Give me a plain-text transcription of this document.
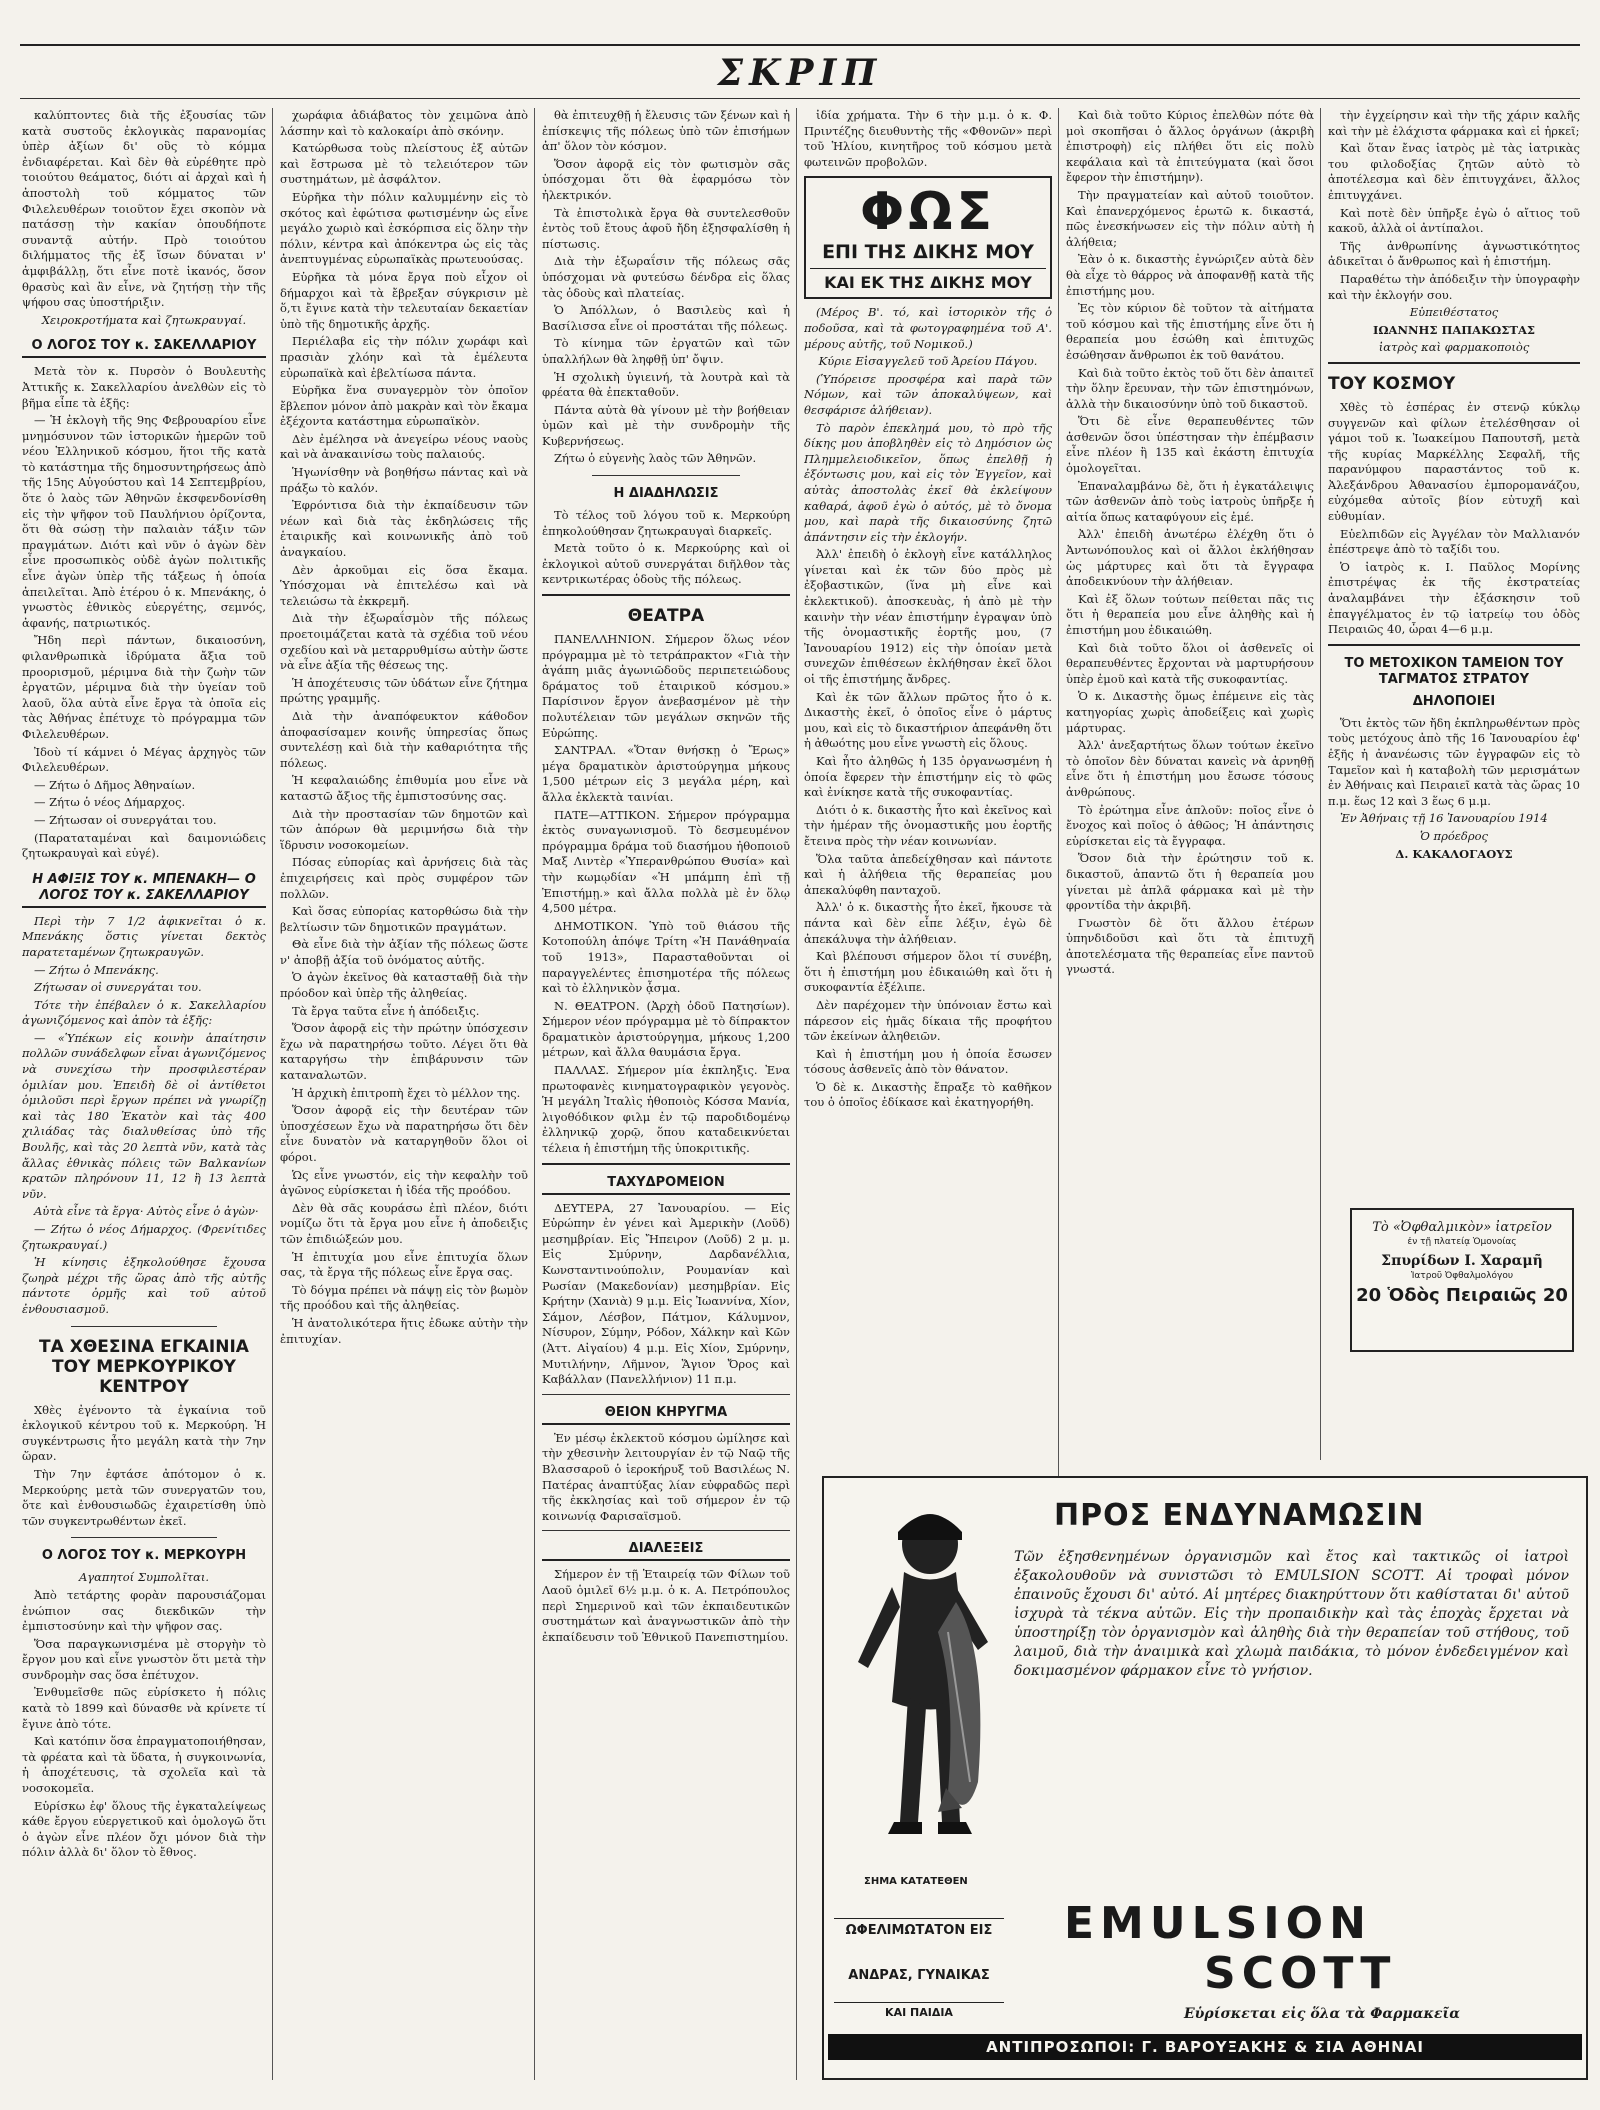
ΣΚΡΙΠ

καλύπτοντες διὰ τῆς ἐξουσίας τῶν κατὰ συστοῦς ἐκλογικὰς παρανομίας ὑπὲρ ἀξίων δι' οὓς τὸ κόμμα ἐνδιαφέρεται. Καὶ δὲν θὰ εὑρέθητε πρὸ τοιούτου θεάματος, διότι αἱ ἀρχαὶ καὶ ἡ ἀποστολὴ τοῦ κόμματος τῶν Φιλελευθέρων τοιοῦτον ἔχει σκοπὸν νὰ πατάσσῃ τὴν κακίαν ὁπουδήποτε συναντᾷ αὐτήν. Πρὸ τοιούτου διλήμματος τῆς ἐξ ἴσων δύναται ν' ἀμφιβάλλῃ, ὅτι εἶνε ποτὲ ἱκανός, ὅσον θρασὺς καὶ ἂν εἶνε, νὰ ζητήσῃ τὴν τῆς ψήφου σας ὑποστήριξιν.

Χειροκροτήματα καὶ ζητωκραυγαί.

Ο ΛΟΓΟΣ ΤΟΥ κ. ΣΑΚΕΛΛΑΡΙΟΥ

Μετὰ τὸν κ. Πυρσὸν ὁ Βουλευτὴς Ἀττικῆς κ. Σακελλαρίου ἀνελθὼν εἰς τὸ βῆμα εἶπε τὰ ἑξῆς:

— Ἡ ἐκλογὴ τῆς 9ης Φεβρουαρίου εἶνε μνημόσυνον τῶν ἱστορικῶν ἡμερῶν τοῦ νέου Ἑλληνικοῦ κόσμου, ἥτοι τῆς κατὰ τὸ κατάστημα τῆς δημοσυντηρήσεως ἀπὸ τῆς 15ης Αὐγούστου καὶ 14 Σεπτεμβρίου, ὅτε ὁ λαὸς τῶν Ἀθηνῶν ἐκσφενδονίσθη εἰς τὴν ψῆφον τοῦ Παυλήνιου ὁρίζοντα, ὅτι θὰ σώσῃ τὴν παλαιὰν τάξιν τῶν πραγμάτων. Διότι καὶ νῦν ὁ ἀγὼν δὲν εἶνε προσωπικὸς οὐδὲ ἀγὼν πολιτικῆς εἶνε ἀγὼν ὑπὲρ τῆς τάξεως ἡ ὁποία ἀπειλεῖται. Ἀπὸ ἑτέρου ὁ κ. Μπενάκης, ὁ γνωστὸς ἐθνικὸς εὐεργέτης, σεμνός, ἀφανής, πατριωτικός.

Ἤδη περὶ πάντων, δικαιοσύνη, φιλανθρωπικὰ ἰδρύματα ἄξια τοῦ προορισμοῦ, μέριμνα διὰ τὴν ζωὴν τῶν ἐργατῶν, μέριμνα διὰ τὴν ὑγείαν τοῦ λαοῦ, ὅλα αὐτὰ εἶνε ἔργα τὰ ὁποῖα εἰς τὰς Ἀθήνας ἐπέτυχε τὸ πρόγραμμα τῶν Φιλελευθέρων.

Ἰδοὺ τί κάμνει ὁ Μέγας ἀρχηγὸς τῶν Φιλελευθέρων.

— Ζήτω ὁ Δῆμος Ἀθηναίων.

— Ζήτω ὁ νέος Δήμαρχος.

— Ζήτωσαν οἱ συνεργάται του.

(Παραταταμέναι καὶ δαιμονιώδεις ζητωκραυγαὶ καὶ εὐγέ).

Η ΑΦΙΞΙΣ ΤΟΥ κ. ΜΠΕΝΑΚΗ— Ο ΛΟΓΟΣ ΤΟΥ κ. ΣΑΚΕΛΛΑΡΙΟΥ

Περὶ τὴν 7 1/2 ἀφικνεῖται ὁ κ. Μπενάκης ὅστις γίνεται δεκτὸς παρατεταμένων ζητωκραυγῶν.

— Ζήτω ὁ Μπενάκης.

Ζήτωσαν οἱ συνεργάται του.

Τότε τὴν ἐπέβαλεν ὁ κ. Σακελλαρίου ἀγωνιζόμενος καὶ ἀπὸν τὰ ἑξῆς:

— «Ὑπέκων εἰς κοινὴν ἀπαίτησιν πολλῶν συνάδελφων εἶναι ἀγωνιζόμενος νὰ συνεχίσω τὴν προσφιλεστέραν ὁμιλίαν μου. Ἐπειδὴ δὲ οἱ ἀντίθετοι ὁμιλοῦσι περὶ ἔργων πρέπει νὰ γνωρίζῃ καὶ τὰς 180 Ἐκατὸν καὶ τὰς 400 χιλιάδας τὰς διαλυθείσας ὑπὸ τῆς Βουλῆς, καὶ τὰς 20 λεπτὰ νῦν, κατὰ τὰς ἄλλας ἐθνικὰς πόλεις τῶν Βαλκανίων κρατῶν πληρόνουν 11, 12 ἢ 13 λεπτὰ νῦν.

Αὐτὰ εἶνε τὰ ἔργα· Αὐτὸς εἶνε ὁ ἀγὼν·

— Ζήτω ὁ νέος Δήμαρχος. (Φρενίτιδες ζητωκραυγαί.)

Ἡ κίνησις ἐξηκολούθησε ἔχουσα ζωηρὰ μέχρι τῆς ὥρας ἀπὸ τῆς αὐτῆς πάντοτε ὀρμῆς καὶ τοῦ αὐτοῦ ἐνθουσιασμοῦ.

ΤΑ ΧΘΕΣΙΝΑ ΕΓΚΑΙΝΙΑ ΤΟΥ ΜΕΡΚΟΥΡΙΚΟΥ ΚΕΝΤΡΟΥ

Χθὲς ἐγένοντο τὰ ἐγκαίνια τοῦ ἐκλογικοῦ κέντρου τοῦ κ. Μερκούρη. Ἡ συγκέντρωσις ἦτο μεγάλη κατὰ τὴν 7ην ὥραν.

Τὴν 7ην ἐφτάσε ἀπότομον ὁ κ. Μερκούρης μετὰ τῶν συνεργατῶν του, ὅτε καὶ ἐνθουσιωδῶς ἐχαιρετίσθη ὑπὸ τῶν συγκεντρωθέντων ἐκεῖ.

Ο ΛΟΓΟΣ ΤΟΥ κ. ΜΕΡΚΟΥΡΗ

Αγαπητοί Συμπολῖται.

Ἀπὸ τετάρτης φορὰν παρουσιάζομαι ἐνώπιον σας διεκδικῶν τὴν ἐμπιστοσύνην καὶ τὴν ψῆφον σας.

Ὅσα παραγκωνισμένα μὲ στοργὴν τὸ ἔργον μου καὶ εἶνε γνωστὸν ὅτι μετὰ τὴν συνδρομὴν σας ὅσα ἐπέτυχον.

Ἐνθυμεῖσθε πῶς εὑρίσκετο ἡ πόλις κατὰ τὸ 1899 καὶ δύνασθε νὰ κρίνετε τί ἔγινε ἀπὸ τότε.

Καὶ κατόπιν ὅσα ἐπραγματοποιήθησαν, τὰ φρέατα καὶ τὰ ὕδατα, ἡ συγκοινωνία, ἡ ἀποχέτευσις, τὰ σχολεῖα καὶ τὰ νοσοκομεῖα.

Εὐρίσκω ἐφ' ὅλους τῆς ἐγκαταλείψεως κάθε ἔργου εὐεργετικοῦ καὶ ὁμολογῶ ὅτι ὁ ἀγὼν εἶνε πλέον ὄχι μόνον διὰ τὴν πόλιν ἀλλὰ δι' ὅλον τὸ ἔθνος.

χωράφια ἀδιάβατος τὸν χειμῶνα ἀπὸ λάσπην καὶ τὸ καλοκαίρι ἀπὸ σκόνην.

Κατώρθωσα τοὺς πλείστους ἐξ αὐτῶν καὶ ἔστρωσα μὲ τὸ τελειότερον τῶν συστημάτων, μὲ ἀσφάλτον.

Εὑρῆκα τὴν πόλιν καλυμμένην εἰς τὸ σκότος καὶ ἐφώτισα φωτισμένην ὡς εἶνε μεγάλο χωριὸ καὶ ἐσκόρπισα εἰς ὅλην τὴν πόλιν, κέντρα καὶ ἀπόκεντρα ὡς εἰς τὰς ἀνεπτυγμένας εὐρωπαϊκὰς πρωτευούσας.

Εὑρῆκα τὰ μόνα ἔργα ποὺ εἶχον οἱ δήμαρχοι καὶ τὰ ἔβρεξαν σύγκρισιν μὲ ὅ,τι ἔγινε κατὰ τὴν τελευταίαν δεκαετίαν ὑπὸ τῆς δημοτικῆς ἀρχῆς.

Περιέλαβα εἰς τὴν πόλιν χωράφι καὶ πρασιὰν χλόην καὶ τὰ ἐμέλευτα εὐρωπαϊκὰ καὶ ἐβελτίωσα πάντα.

Εὑρῆκα ἕνα συναγερμὸν τὸν ὁποῖον ἔβλεπον μόνον ἀπὸ μακρὰν καὶ τὸν ἔκαμα ἐξέχοντα κατάστημα εὐρωπαϊκὸν.

Δὲν ἐμέλησα νὰ ἀνεγείρω νέους ναοὺς καὶ νὰ ἀνακαινίσω τοὺς παλαιούς.

Ἡγωνίσθην νὰ βοηθήσω πάντας καὶ νὰ πράξω τὸ καλόν.

Ἐφρόντισα διὰ τὴν ἐκπαίδευσιν τῶν νέων καὶ διὰ τὰς ἐκδηλώσεις τῆς ἑταιρικῆς καὶ κοινωνικῆς ἀπὸ τοῦ ἀναγκαίου.

Δὲν ἀρκοῦμαι εἰς ὅσα ἔκαμα. Ὑπόσχομαι νὰ ἐπιτελέσω καὶ νὰ τελειώσω τὰ ἐκκρεμῆ.

Διὰ τὴν ἐξωραΐσμὸν τῆς πόλεως προετοιμάζεται κατὰ τὰ σχέδια τοῦ νέου σχεδίου καὶ νὰ μεταρρυθμίσω αὐτὴν ὥστε νὰ εἶνε ἀξία τῆς θέσεως της.

Ἡ ἀποχέτευσις τῶν ὑδάτων εἶνε ζήτημα πρώτης γραμμῆς.

Διὰ τὴν ἀναπόφευκτον κάθοδον ἀποφασίσαμεν κοινῆς ὑπηρεσίας ὅπως συντελέσῃ καὶ διὰ τὴν καθαριότητα τῆς πόλεως.

Ἡ κεφαλαιώδης ἐπιθυμία μου εἶνε νὰ καταστῶ ἄξιος τῆς ἐμπιστοσύνης σας.

Διὰ τὴν προστασίαν τῶν δημοτῶν καὶ τῶν ἀπόρων θὰ μεριμνήσω διὰ τὴν ἵδρυσιν νοσοκομείων.

Πόσας εὐπορίας καὶ ἀρνήσεις διὰ τὰς ἐπιχειρήσεις καὶ πρὸς συμφέρον τῶν πολλῶν.

Καὶ ὅσας εὐπορίας κατορθώσω διὰ τὴν βελτίωσιν τῶν δημοτικῶν πραγμάτων.

Θὰ εἶνε διὰ τὴν ἀξίαν τῆς πόλεως ὥστε ν' ἀποβῇ ἀξία τοῦ ὀνόματος αὐτῆς.

Ὁ ἀγὼν ἐκεῖνος θὰ κατασταθῇ διὰ τὴν πρόοδον καὶ ὑπὲρ τῆς ἀληθείας.

Τὰ ἔργα ταῦτα εἶνε ἡ ἀπόδειξις.

Ὅσον ἀφορᾷ εἰς τὴν πρώτην ὑπόσχεσιν ἔχω νὰ παρατηρήσω τοῦτο. Λέγει ὅτι θὰ καταργήσω τὴν ἐπιβάρυνσιν τῶν καταναλωτῶν.

Ἡ ἀρχικὴ ἐπιτροπὴ ἔχει τὸ μέλλον της.

Ὅσον ἀφορᾷ εἰς τὴν δευτέραν τῶν ὑποσχέσεων ἔχω νὰ παρατηρήσω ὅτι δὲν εἶνε δυνατὸν νὰ καταργηθοῦν ὅλοι οἱ φόροι.

Ὡς εἶνε γνωστόν, εἰς τὴν κεφαλὴν τοῦ ἀγῶνος εὑρίσκεται ἡ ἰδέα τῆς προόδου.

Δὲν θὰ σᾶς κουράσω ἐπὶ πλέον, διότι νομίζω ὅτι τὰ ἔργα μου εἶνε ἡ ἀποδειξις τῶν ἐπιδιώξεών μου.

Ἡ ἐπιτυχία μου εἶνε ἐπιτυχία ὅλων σας, τὰ ἔργα τῆς πόλεως εἶνε ἔργα σας.

Τὸ δόγμα πρέπει νὰ πάψῃ εἰς τὸν βωμὸν τῆς προόδου καὶ τῆς ἀληθείας.

Ἡ ἀνατολικότερα ἥτις ἐδωκε αὐτὴν τὴν ἐπιτυχίαν.

θὰ ἐπιτευχθῇ ἡ ἔλευσις τῶν ξένων καὶ ἡ ἐπίσκεψις τῆς πόλεως ὑπὸ τῶν ἐπισήμων ἀπ' ὅλον τὸν κόσμον.

Ὅσον ἀφορᾷ εἰς τὸν φωτισμὸν σᾶς ὑπόσχομαι ὅτι θὰ ἐφαρμόσω τὸν ἠλεκτρικόν.

Τὰ ἐπιστολικὰ ἔργα θὰ συντελεσθοῦν ἐντὸς τοῦ ἔτους ἀφοῦ ἤδη ἐξησφαλίσθη ἡ πίστωσις.

Διὰ τὴν ἐξωραΐσιν τῆς πόλεως σᾶς ὑπόσχομαι νὰ φυτεύσω δένδρα εἰς ὅλας τὰς ὁδοὺς καὶ πλατείας.

Ὁ Ἀπόλλων, ὁ Βασιλεὺς καὶ ἡ Βασίλισσα εἶνε οἱ προστάται τῆς πόλεως.

Τὸ κίνημα τῶν ἐργατῶν καὶ τῶν ὑπαλλήλων θὰ ληφθῇ ὑπ' ὄψιν.

Ἡ σχολικὴ ὑγιεινή, τὰ λουτρὰ καὶ τὰ φρέατα θὰ ἐπεκταθοῦν.

Πάντα αὐτὰ θὰ γίνουν μὲ τὴν βοήθειαν ὑμῶν καὶ μὲ τὴν συνδρομὴν τῆς Κυβερνήσεως.

Ζήτω ὁ εὐγενὴς λαὸς τῶν Ἀθηνῶν.

Η ΔΙΑΔΗΛΩΣΙΣ

Τὸ τέλος τοῦ λόγου τοῦ κ. Μερκούρη ἐπηκολούθησαν ζητωκραυγαὶ διαρκεῖς.

Μετὰ τοῦτο ὁ κ. Μερκούρης καὶ οἱ ἐκλογικοὶ αὐτοῦ συνεργάται διῆλθον τὰς κεντρικωτέρας ὁδοὺς τῆς πόλεως.

ΘΕΑΤΡΑ

ΠΑΝΕΛΛΗΝΙΟΝ. Σήμερον ὅλως νέον πρόγραμμα μὲ τὸ τετράπρακτον «Γιὰ τὴν ἀγάπη μιᾶς ἀγωνιῶδοῦς περιπετειώδους δράματος τοῦ ἐταιρικοῦ κόσμου.» Παρίσινον ἔργον ἀνεβασμένον μὲ τὴν πολυτέλειαν τῶν μεγάλων σκηνῶν τῆς Εὐρώπης.

ΣΑΝΤΡΑΛ. «Ὅταν θνήσκῃ ὁ Ἔρως» μέγα δραματικὸν ἀριστούργημα μήκους 1,500 μέτρων εἰς 3 μεγάλα μέρη, καὶ ἄλλα ἐκλεκτὰ ταινίαι.

ΠΑΤΕ—ΑΤΤΙΚΟΝ. Σήμερον πρόγραμμα ἐκτὸς συναγωνισμοῦ. Τὸ δεσμευμένον πρόγραμμα δράμα τοῦ διασήμου ἠθοποιοῦ Μαξ Λιντὲρ «Ὑπερανθρώπου Θυσία» καὶ τὴν κωμῳδίαν «Ἡ μπάμπη ἐπὶ τῇ Ἐπιστήμῃ.» καὶ ἄλλα πολλὰ μὲ ἐν ὅλῳ 4,500 μέτρα.

ΔΗΜΟΤΙΚΟΝ. Ὑπὸ τοῦ θιάσου τῆς Κοτοπούλη ἀπόψε Τρίτη «Ἡ Πανάθηναία τοῦ 1913», Παρασταθοῦνται οἱ παραγγελέντες ἐπισημοτέρα τῆς πόλεως καὶ τὸ ἐλληνικὸν ᾆσμα.

Ν. ΘΕΑΤΡΟΝ. (Ἀρχὴ ὁδοῦ Πατησίων). Σήμερον νέον πρόγραμμα μὲ τὸ δίπρακτον δραματικὸν ἀριστούργημα, μήκους 1,200 μέτρων, καὶ ἄλλα θαυμάσια ἔργα.

ΠΑΛΛΑΣ. Σήμερον μία ἐκπληξις. Ἐνα πρωτοφανὲς κινηματογραφικὸν γεγονὸς. Ἡ μεγάλη Ἰταλὶς ἠθοποιὸς Κόσσα Μανία, λιγοθόδικον φιλμ ἐν τῷ παροδιδομένῳ ἐλληνικῷ χορῷ, ὅπου καταδεικνύεται τέλεια ἡ ἐπιστήμη τῆς ὑποκριτικῆς.

ΤΑΧΥΔΡΟΜΕΙΟΝ

ΔΕΥΤΕΡΑ, 27 Ἰανουαρίου. — Εἰς Εὐρώπην ἐν γένει καὶ Ἀμερικὴν (Λοῦδ) μεσημβρίαν. Εἰς Ἤπειρον (Λοῦδ) 2 μ. μ. Εἰς Σμύρνην, Δαρδανέλλια, Κωνσταντινούπολιν, Ρουμανίαν καὶ Ρωσίαν (Μακεδονίαν) μεσημβρίαν. Εἰς Κρήτην (Χανιὰ) 9 μ.μ. Εἰς Ἰωαννίνα, Χίον, Σάμον, Λέσβον, Πάτμον, Κάλυμνον, Νίσυρον, Σύμην, Ρόδον, Χάλκην καὶ Κῶν (Ἀττ. Αἰγαίου) 4 μ.μ. Εἰς Χίον, Σμύρνην, Μυτιλήνην, Λῆμνον, Ἅγιον Ὄρος καὶ Καβάλλαν (Πανελλήνιον) 11 π.μ.

ΘΕΙΟΝ ΚΗΡΥΓΜΑ

Ἐν μέσῳ ἐκλεκτοῦ κόσμου ὡμίλησε καὶ τὴν χθεσινὴν λειτουργίαν ἐν τῷ Ναῷ τῆς Βλασσαροῦ ὁ ἱεροκήρυξ τοῦ Βασιλέως Ν. Πατέρας ἀναπτύξας λίαν εὐφραδῶς περὶ τῆς ἐκκλησίας καὶ τοῦ σήμερον ἐν τῷ κοινωνίᾳ Φαρισαϊσμοῦ.

ΔΙΑΛΕΞΕΙΣ

Σήμερον ἐν τῇ Ἑταιρείᾳ τῶν Φίλων τοῦ Λαοῦ ὁμιλεῖ 6½ μ.μ. ὁ κ. Α. Πετρόπουλος περὶ Σημερινοῦ καὶ τῶν ἐκπαιδευτικῶν συστημάτων καὶ ἀναγνωστικῶν ἀπὸ τὴν ἐκπαίδευσιν τοῦ Ἐθνικοῦ Πανεπιστημίου.

ἰδία χρήματα. Τὴν 6 τὴν μ.μ. ὁ κ. Φ. Πριντέζης διευθυντὴς τῆς «Φθονῶν» περὶ τοῦ Ἡλίου, κινητῆρος τοῦ κόσμου μετὰ φωτεινῶν προβολῶν.

ΦΩΣ
ΕΠΙ ΤΗΣ ΔΙΚΗΣ ΜΟΥ
ΚΑΙ ΕΚ ΤΗΣ ΔΙΚΗΣ ΜΟΥ

(Μέρος Β'. τό, καὶ ἱστορικὸν τῆς ὁ ποδοῦσα, καὶ τὰ φωτογραφημένα τοῦ Α'. μέρους αὐτῆς, τοῦ Νομικοῦ.)

Κύριε Εἰσαγγελεῦ τοῦ Ἀρείου Πάγου.

(Ὑπόρεισε προσφέρα καὶ παρὰ τῶν Νόμων, καὶ τῶν ἀποκαλύψεων, καὶ θεσφάρισε ἀλήθειαν).

Τὸ παρὸν ἐπεκλημά μου, τὸ πρὸ τῆς δίκης μου ἀποβληθὲν εἰς τὸ Δημόσιον ὡς Πλημμελειοδικεῖον, ὅπως ἐπελθῇ ἡ ἐξόντωσις μου, καὶ εἰς τὸν Ἐγγεῖον, καὶ αὐτὰς ἀποστολὰς ἐκεῖ θὰ ἐκλείψουν καθαρά, ἀφοῦ ἐγὼ ὁ αὐτός, μὲ τὸ ὄνομα μου, καὶ παρὰ τῆς δικαιοσύνης ζητῶ ἀπάντησιν εἰς τὴν ἐκλογήν.

Ἀλλ' ἐπειδὴ ὁ ἐκλογὴ εἶνε κατάλληλος γίνεται καὶ ἐκ τῶν δύο πρὸς μὲ ἐξοβαστικῶν, (ἵνα μὴ εἶνε καὶ ἐκλεκτικοῦ). ἀποσκευὰς, ἡ ἀπὸ μὲ τὴν καινὴν τὴν νέαν ἐπιστήμην ἐγραψαν ὑπὸ τῆς ὀνομαστικῆς ἑορτῆς μου, (7 Ἰανουαρίου 1912) εἰς τὴν ὁποίαν μετὰ συνεχῶν ἐπιθέσεων ἐκλήθησαν ἐκεῖ ὅλοι οἱ τῆς ἐπιστήμης ἄνδρες.

Καὶ ἐκ τῶν ἄλλων πρῶτος ἦτο ὁ κ. Δικαστὴς ἐκεῖ, ὁ ὁποῖος εἶνε ὁ μάρτυς μου, καὶ εἰς τὸ δικαστήριον ἀπεφάνθη ὅτι ἡ ἀθωότης μου εἶνε γνωστὴ εἰς ὅλους.

Καὶ ἦτο ἀληθῶς ἡ 135 ὀργανωσμένη ἡ ὁποία ἔφερεν τὴν ἐπιστήμην εἰς τὸ φῶς καὶ ἐνίκησε κατὰ τῆς συκοφαντίας.

Διότι ὁ κ. δικαστὴς ἦτο καὶ ἐκεῖνος καὶ τὴν ἡμέραν τῆς ὀνομαστικῆς μου ἑορτῆς ἔτεινα πρὸς τὴν νέαν κοινωνίαν.

Ὅλα ταῦτα ἀπεδείχθησαν καὶ πάντοτε καὶ ἡ ἀλήθεια τῆς θεραπείας μου ἀπεκαλύφθη πανταχοῦ.

Ἀλλ' ὁ κ. δικαστὴς ἦτο ἐκεῖ, ἤκουσε τὰ πάντα καὶ δὲν εἶπε λέξιν, ἐγὼ δὲ ἀπεκάλυψα τὴν ἀλήθειαν.

Καὶ βλέπουσι σήμερον ὅλοι τί συνέβη, ὅτι ἡ ἐπιστήμη μου ἐδικαιώθη καὶ ὅτι ἡ συκοφαντία ἐξέλιπε.

Δὲν παρέχομεν τὴν ὑπόνοιαν ἔστω καὶ πάρεσον εἰς ἡμᾶς δίκαια τῆς προφήτου τῶν ἐκείνων ἀληθειῶν.

Καὶ ἡ ἐπιστήμη μου ἡ ὁποία ἔσωσεν τόσους ἀσθενεῖς ἀπὸ τὸν θάνατον.

Ὁ δὲ κ. Δικαστὴς ἔπραξε τὸ καθῆκον του ὁ ὁποῖος ἐδίκασε καὶ ἐκατηγορήθη.

Καὶ διὰ τοῦτο Κύριος ἐπελθὼν πότε θὰ μοὶ σκοπῆσαι ὁ ἄλλος ὀργάνων (ἀκριβὴ ἐπιστροφὴ) εἰς πλήθει ὅτι εἰς πολὺ κεφάλαια καὶ τὰ ἐπιτεύγματα (καὶ ὅσοι ἔφερον τὴν ἐπιστήμην).

Τὴν πραγματείαν καὶ αὐτοῦ τοιοῦτον. Καὶ ἐπανερχόμενος ἐρωτῶ κ. δικαστά, πῶς ἐνεσκήνωσεν εἰς τὴν πόλιν αὐτὴ ἡ ἀλήθεια;

Ἐὰν ὁ κ. δικαστὴς ἐγνώριζεν αὐτὰ δὲν θὰ εἶχε τὸ θάρρος νὰ ἀποφανθῇ κατὰ τῆς ἐπιστήμης μου.

Ἐς τὸν κύριον δὲ τοῦτον τὰ αἰτήματα τοῦ κόσμου καὶ τῆς ἐπιστήμης εἶνε ὅτι ἡ θεραπεία μου ἐσώθη καὶ ἐπιτυχῶς ἐσώθησαν ἄνθρωποι ἐκ τοῦ θανάτου.

Καὶ διὰ τοῦτο ἐκτὸς τοῦ ὅτι δὲν ἀπαιτεῖ τὴν ὅλην ἔρευναν, τὴν τῶν ἐπιστημόνων, ἀλλὰ τὴν δικαιοσύνην ὑπὸ τοῦ δικαστοῦ.

Ὅτι δὲ εἶνε θεραπευθέντες τῶν ἀσθενῶν ὅσοι ὑπέστησαν τὴν ἐπέμβασιν εἶνε πλέον ἢ 135 καὶ ἐκάστη ἐπιτυχία ὁμολογεῖται.

Ἐπαναλαμβάνω δὲ, ὅτι ἡ ἐγκατάλειψις τῶν ἀσθενῶν ἀπὸ τοὺς ἰατροὺς ὑπῆρξε ἡ αἰτία ὅπως καταφύγουν εἰς ἐμέ.

Ἀλλ' ἐπειδὴ ἀνωτέρω ἐλέχθη ὅτι ὁ Ἀντωνόπουλος καὶ οἱ ἄλλοι ἐκλήθησαν ὡς μάρτυρες καὶ ὅτι τὰ ἔγγραφα ἀποδεικνύουν τὴν ἀλήθειαν.

Καὶ ἐξ ὅλων τούτων πείθεται πᾶς τις ὅτι ἡ θεραπεία μου εἶνε ἀληθὴς καὶ ἡ ἐπιστήμη μου ἐδικαιώθη.

Καὶ διὰ τοῦτο ὅλοι οἱ ἀσθενεῖς οἱ θεραπευθέντες ἔρχονται νὰ μαρτυρήσουν ὑπὲρ ἐμοῦ καὶ κατὰ τῆς συκοφαντίας.

Ὁ κ. Δικαστὴς ὅμως ἐπέμεινε εἰς τὰς κατηγορίας χωρὶς ἀποδείξεις καὶ χωρὶς μάρτυρας.

Ἀλλ' ἀνεξαρτήτως ὅλων τούτων ἐκεῖνο τὸ ὁποῖον δὲν δύναται κανεὶς νὰ ἀρνηθῇ εἶνε ὅτι ἡ ἐπιστήμη μου ἔσωσε τόσους ἀνθρώπους.

Τὸ ἐρώτημα εἶνε ἁπλοῦν: ποῖος εἶνε ὁ ἔνοχος καὶ ποῖος ὁ ἀθῶος; Ἡ ἀπάντησις εὑρίσκεται εἰς τὰ ἔγγραφα.

Ὅσον διὰ τὴν ἐρώτησιν τοῦ κ. δικαστοῦ, ἀπαντῶ ὅτι ἡ θεραπεία μου γίνεται μὲ ἁπλᾶ φάρμακα καὶ μὲ τὴν φροντίδα τὴν ἀκριβῆ.

Γνωστὸν δὲ ὅτι ἄλλου ἐτέρων ὑπηνδιδοῦσι καὶ ὅτι τὰ ἐπιτυχῆ ἀποτελέσματα τῆς θεραπείας εἶνε παντοῦ γνωστά.

τὴν ἐγχείρησιν καὶ τὴν τῆς χάριν καλῆς καὶ τὴν μὲ ἐλάχιστα φάρμακα καὶ εἰ ἠρκεῖ;

Καὶ ὅταν ἔνας ἰατρὸς μὲ τὰς ἰατρικὰς του φιλοδοξίας ζητῶν αὐτὸ τὸ ἀποτέλεσμα καὶ δὲν ἐπιτυγχάνει, ἄλλος ἐπιτυγχάνει.

Καὶ ποτὲ δὲν ὑπῆρξε ἐγὼ ὁ αἴτιος τοῦ κακοῦ, ἀλλὰ οἱ ἀντίπαλοι.

Τῆς ἀνθρωπίνης ἀγνωστικότητος ἀδικεῖται ὁ ἄνθρωπος καὶ ἡ ἐπιστήμη.

Παραθέτω τὴν ἀπόδειξιν τὴν ὑπογραφὴν καὶ τὴν ἐκλογήν σου.

Εὐπειθέστατος

ΙΩΑΝΝΗΣ ΠΑΠΑΚΩΣΤΑΣ

ἰατρὸς καὶ φαρμακοποιὸς

ΤΟΥ ΚΟΣΜΟΥ

Χθὲς τὸ ἑσπέρας ἐν στενῷ κύκλῳ συγγενῶν καὶ φίλων ἐτελέσθησαν οἱ γάμοι τοῦ κ. Ἰωακείμου Παπουτσῆ, μετὰ τῆς κυρίας Μαρκέλλης Σεφαλῆ, τῆς παρανύμφου παραστάντος τοῦ κ. Ἀλεξάνδρου Ἀθανασίου ἐμπορομανάζου, εὐχόμεθα αὐτοῖς βίον εὐτυχῆ καὶ εὐθυμίαν.

Εὐελπιδῶν εἰς Ἀγγέλαν τὸν Μαλλιανόν ἐπέστρεψε ἀπὸ τὸ ταξίδι του.

Ὁ ἰατρὸς κ. Ι. Παῦλος Μορίνης ἐπιστρέψας ἐκ τῆς ἐκστρατείας ἀναλαμβάνει τὴν ἐξάσκησιν τοῦ ἐπαγγέλματος ἐν τῷ ἰατρείῳ του ὁδὸς Πειραιῶς 40, ὧραι 4—6 μ.μ.

ΤΟ ΜΕΤΟΧΙΚΟΝ ΤΑΜΕΙΟΝ ΤΟΥ ΤΑΓΜΑΤΟΣ ΣΤΡΑΤΟΥ
ΔΗΛΟΠΟΙΕΙ

Ὅτι ἐκτὸς τῶν ἤδη ἐκπληρωθέντων πρὸς τοὺς μετόχους ἀπὸ τῆς 16 Ἰανουαρίου ἐφ' ἑξῆς ἡ ἀνανέωσις τῶν ἐγγραφῶν εἰς τὸ Ταμεῖον καὶ ἡ καταβολὴ τῶν μερισμάτων ἐν Ἀθήναις καὶ Πειραιεῖ κατὰ τὰς ὥρας 10 π.μ. ἕως 12 καὶ 3 ἕως 6 μ.μ.

Ἐν Ἀθήναις τῇ 16 Ἰανουαρίου 1914

Ὁ πρόεδρος

Δ. ΚΑΚΑΛΟΓΑΟΥΣ

Τὸ «Ὀφθαλμικὸν» ἰατρεῖον
ἐν τῇ πλατείᾳ Ὁμονοίας
Σπυρίδων Ι. Χαραμῆ
Ἰατροῦ Ὀφθαλμολόγου
20 Ὁδὸς Πειραιῶς 20
ΣΗΜΑ ΚΑΤΑΤΕΘΕΝ
ΩΦΕΛΙΜΩΤΑΤΟΝ ΕΙΣ
ΑΝΔΡΑΣ, ΓΥΝΑΙΚΑΣ
ΚΑΙ ΠΑΙΔΙΑ
ΠΡΟΣ ΕΝΔΥΝΑΜΩΣΙΝ
Τῶν ἐξησθενημένων ὀργανισμῶν καὶ ἔτος καὶ τακτικῶς οἱ ἰατροὶ ἐξακολουθοῦν νὰ συνιστῶσι τὸ EMULSION SCOTT. Αἱ τροφαὶ μόνον ἐπαινοῦς ἔχουσι δι' αὐτό. Αἱ μητέρες διακηρύττουν ὅτι καθίσταται δι' αὐτοῦ ἰσχυρὰ τὰ τέκνα αὐτῶν. Εἰς τὴν προπαιδικὴν καὶ τὰς ἐποχὰς ἔρχεται νὰ ὑποστηρίξῃ τὸν ὀργανισμὸν καὶ ἀληθὴς διὰ τὴν θεραπείαν τοῦ στήθους, τοῦ λαιμοῦ, διὰ τὴν ἀναιμικὰ καὶ χλωμὰ παιδάκια, τὸ μόνον ἐνδεδειγμένον καὶ δοκιμασμένον φάρμακον εἶνε τὸ γνήσιον.
EMULSION
SCOTT
Εὑρίσκεται εἰς ὅλα τὰ Φαρμακεῖα
ΑΝΤΙΠΡΟΣΩΠΟΙ: Γ. ΒΑΡΟΥΞΑΚΗΣ & ΣΙΑ ΑΘΗΝΑΙ
